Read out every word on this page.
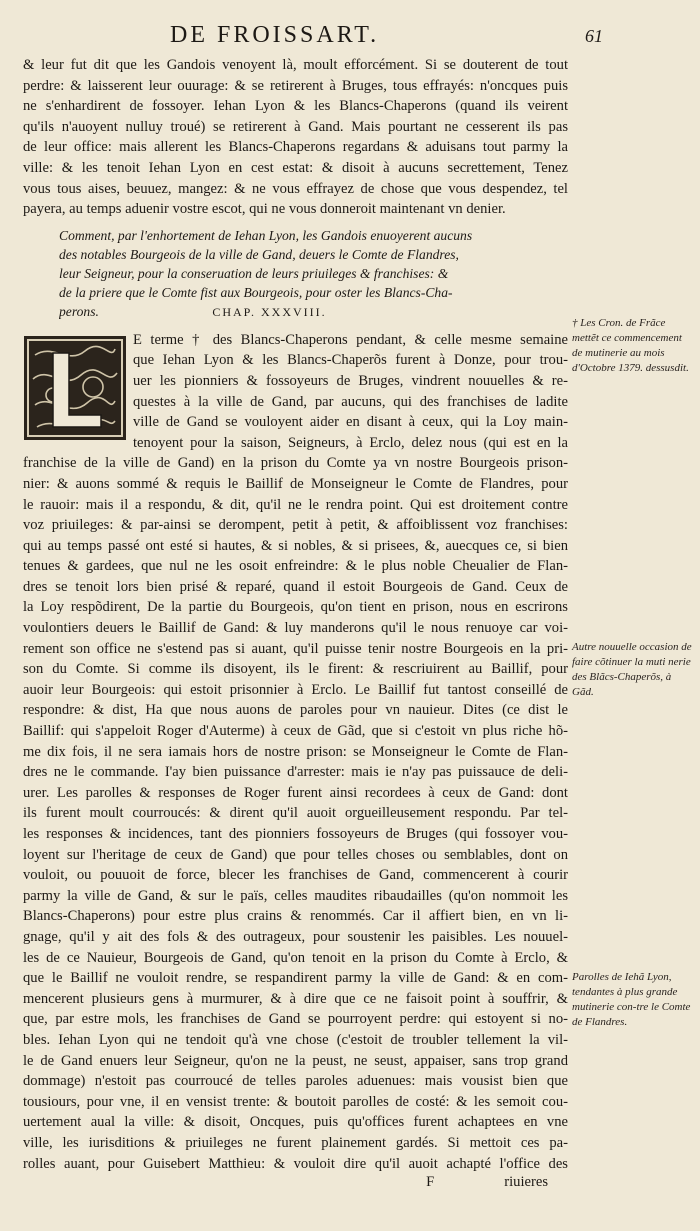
DE FROISSART.	61

& leur fut dit que les Gandois venoyent là, moult efforcément. Si se douterent de tout

perdre: & laisserent leur ouurage: & se retirerent à Bruges, tous effrayés: n'oncques puis

ne s'enhardirent de fossoyer. Iehan Lyon & les Blancs-Chaperons (quand ils veirent

qu'ils n'auoyent nulluy troué) se retirerent à Gand. Mais pourtant ne cesserent ils pas

de leur office: mais allerent les Blancs-Chaperons regardans & aduisans tout parmy la

ville: & les tenoit Iehan Lyon en cest estat: & disoit à aucuns secrettement, Tenez

vous tous aises, beuuez, mangez: & ne vous effrayez de chose que vous despendez, tel

payera, au temps aduenir vostre escot, qui ne vous donneroit maintenant vn denier.

Comment, par l'enhortement de Iehan Lyon, les Gandois enuoyerent aucuns
des notables Bourgeois de la ville de Gand, deuers le Comte de Flandres,
leur Seigneur, pour la conseruation de leurs priuileges & franchises: &
de la priere que le Comte fist aux Bourgeois, pour oster les Blancs-Cha-
perons.	CHAP. XXXVIII.

E terme † des Blancs-Chaperons pendant, & celle mesme semaine

que Iehan Lyon & les Blancs-Chaperõs furent à Donze, pour trou-

uer les pionniers & fossoyeurs de Bruges, vindrent nouuelles & re-

questes à la ville de Gand, par aucuns, qui des franchises de ladite

ville de Gand se vouloyent aider en disant à ceux, qui la Loy main-

tenoyent pour la saison, Seigneurs, à Erclo, delez nous (qui est en la

franchise de la ville de Gand) en la prison du Comte ya vn nostre Bourgeois prison-

nier: & auons sommé & requis le Baillif de Monseigneur le Comte de Flandres, pour

le rauoir: mais il a respondu, & dit, qu'il ne le rendra point. Qui est droitement contre

voz priuileges: & par-ainsi se derompent, petit à petit, & affoiblissent voz franchises:

qui au temps passé ont esté si hautes, & si nobles, & si prisees, &, auecques ce, si bien

tenues & gardees, que nul ne les osoit enfreindre: & le plus noble Cheualier de Flan-

dres se tenoit lors bien prisé & reparé, quand il estoit Bourgeois de Gand. Ceux de

la Loy respõdirent, De la partie du Bourgeois, qu'on tient en prison, nous en escrirons

voulontiers deuers le Baillif de Gand: & luy manderons qu'il le nous renuoye car voi-

rement son office ne s'estend pas si auant, qu'il puisse tenir nostre Bourgeois en la pri-

son du Comte. Si comme ils disoyent, ils le firent: & rescriuirent au Baillif, pour

auoir leur Bourgeois: qui estoit prisonnier à Erclo. Le Baillif fut tantost conseillé de

respondre: & dist, Ha que nous auons de paroles pour vn nauieur. Dites (ce dist le

Baillif: qui s'appeloit Roger d'Auterme) à ceux de Gãd, que si c'estoit vn plus riche hõ-

me dix fois, il ne sera iamais hors de nostre prison: se Monseigneur le Comte de Flan-

dres ne le commande. I'ay bien puissance d'arrester: mais ie n'ay pas puissauce de deli-

urer. Les parolles & responses de Roger furent ainsi recordees à ceux de Gand: dont

ils furent moult courroucés: & dirent qu'il auoit orgueilleusement respondu. Par tel-

les responses & incidences, tant des pionniers fossoyeurs de Bruges (qui fossoyer vou-

loyent sur l'heritage de ceux de Gand) que pour telles choses ou semblables, dont on

vouloit, ou pouuoit de force, blecer les franchises de Gand, commencerent à courir

parmy la ville de Gand, & sur le païs, celles maudites ribaudailles (qu'on nommoit les

Blancs-Chaperons) pour estre plus crains & renommés. Car il affiert bien, en vn li-

gnage, qu'il y ait des fols & des outrageux, pour soustenir les paisibles. Les nouuel-

les de ce Nauieur, Bourgeois de Gand, qu'on tenoit en la prison du Comte à Erclo, &

que le Baillif ne vouloit rendre, se respandirent parmy la ville de Gand: & en com-

mencerent plusieurs gens à murmurer, & à dire que ce ne faisoit point à souffrir, &

que, par estre mols, les franchises de Gand se pourroyent perdre: qui estoyent si no-

bles. Iehan Lyon qui ne tendoit qu'à vne chose (c'estoit de troubler tellement la vil-

le de Gand enuers leur Seigneur, qu'on ne la peust, ne seust, appaiser, sans trop grand

dommage) n'estoit pas courroucé de telles paroles aduenues: mais vousist bien que

tousiours, pour vne, il en vensist trente: & boutoit parolles de costé: & les semoit cou-

uertement aual la ville: & disoit, Oncques, puis qu'offices furent achaptees en vne

ville, les iurisditions & priuileges ne furent plainement gardés. Si mettoit ces pa-

rolles auant, pour Guisebert Matthieu: & vouloit dire qu'il auoit achapté l'office des

F	riuieres
† Les Cron. de Frãce mettẽt ce commencement de mutinerie au mois d'Octobre 1379. dessusdit.
Autre nouuelle occasion de faire cõtinuer la muti nerie des Blãcs-Chaperõs, à Gãd.
Parolles de Iehã Lyon, tendantes à plus grande mutinerie con-tre le Comte de Flandres.
